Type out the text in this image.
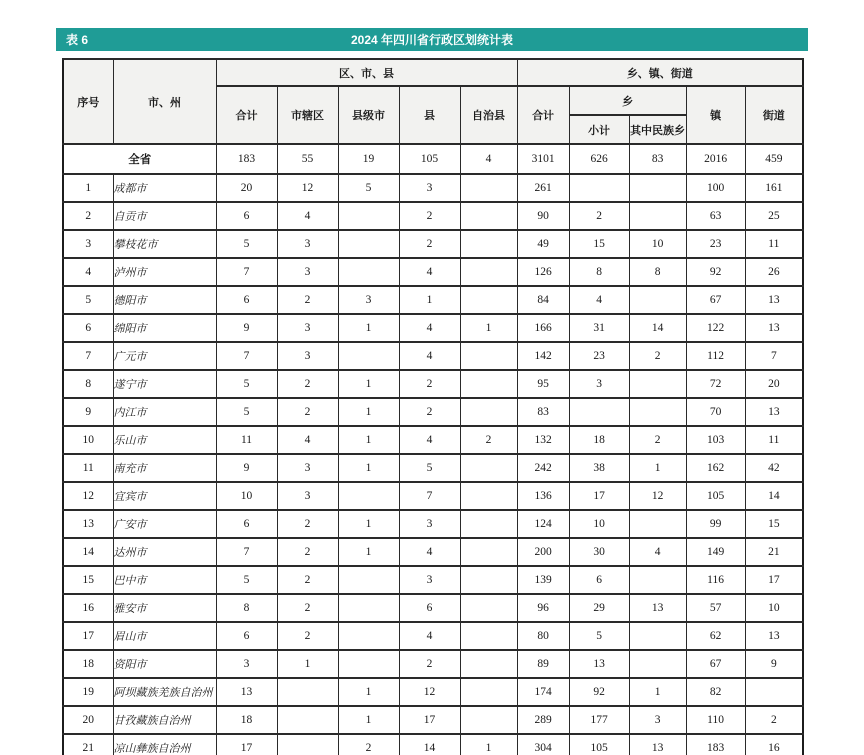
表 6	2024 年四川省行政区划统计表
序号	市、州	区、市、县					乡、镇、街道				
		合计	市辖区	县级市	县	自治县	合计	乡		镇	街道
								小计	其中民族乡		
全省		183	55	19	105	4	3101	626	83	2016	459
1	成都市	20	12	5	3		261			100	161
2	自贡市	6	4		2		90	2		63	25
3	攀枝花市	5	3		2		49	15	10	23	11
4	泸州市	7	3		4		126	8	8	92	26
5	德阳市	6	2	3	1		84	4		67	13
6	绵阳市	9	3	1	4	1	166	31	14	122	13
7	广元市	7	3		4		142	23	2	112	7
8	遂宁市	5	2	1	2		95	3		72	20
9	内江市	5	2	1	2		83			70	13
10	乐山市	11	4	1	4	2	132	18	2	103	11
11	南充市	9	3	1	5		242	38	1	162	42
12	宜宾市	10	3		7		136	17	12	105	14
13	广安市	6	2	1	3		124	10		99	15
14	达州市	7	2	1	4		200	30	4	149	21
15	巴中市	5	2		3		139	6		116	17
16	雅安市	8	2		6		96	29	13	57	10
17	眉山市	6	2		4		80	5		62	13
18	资阳市	3	1		2		89	13		67	9
19	阿坝藏族羌族自治州	13		1	12		174	92	1	82	
20	甘孜藏族自治州	18		1	17		289	177	3	110	2
21	凉山彝族自治州	17		2	14	1	304	105	13	183	16
